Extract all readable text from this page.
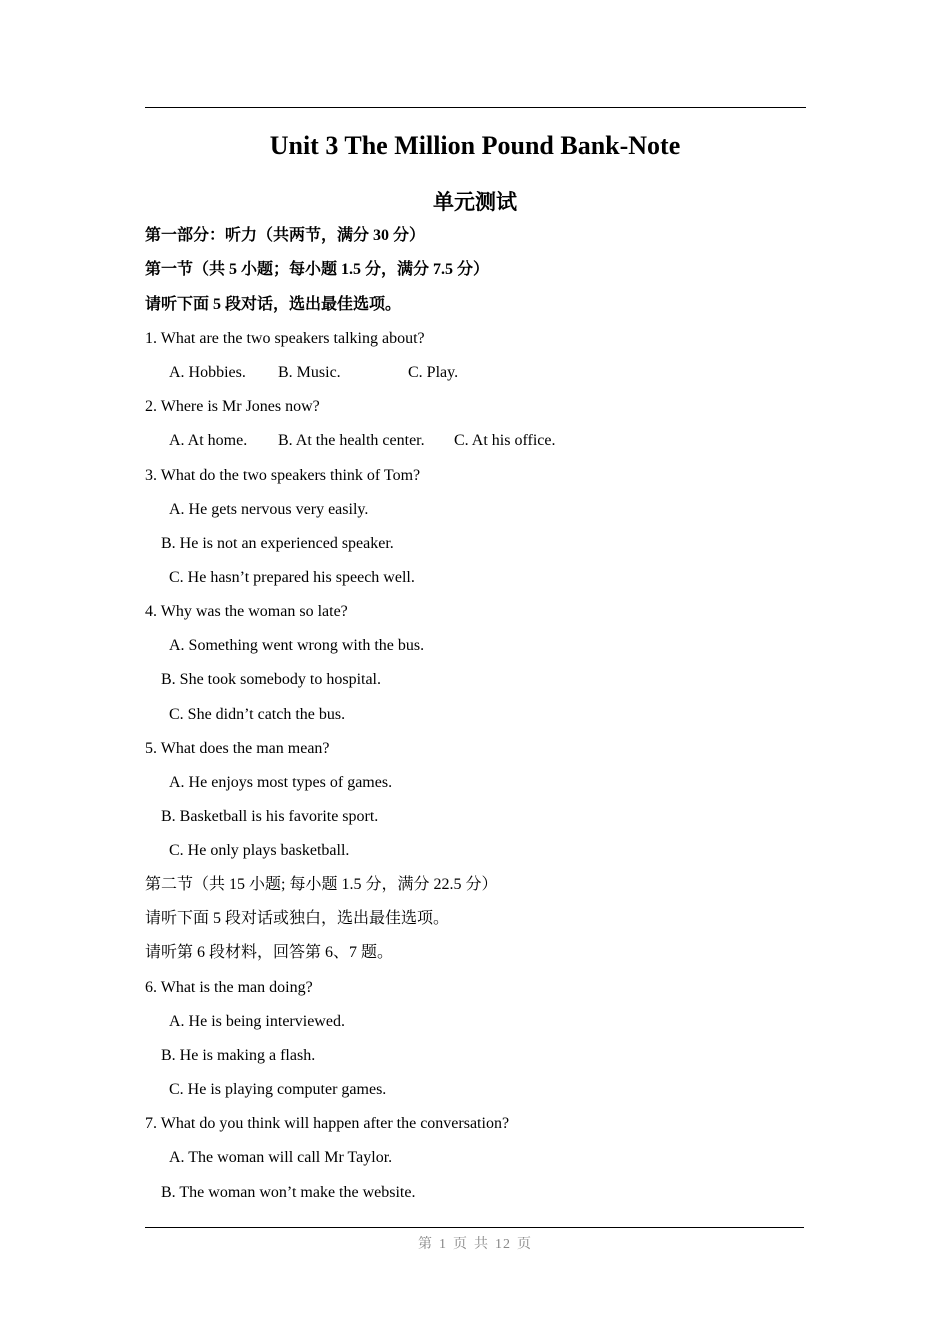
Unit 3 The Million Pound Bank-Note
单元测试
第一部分：听力（共两节，满分 30 分）
第一节（共 5 小题；每小题 1.5 分，满分 7.5 分）
请听下面 5 段对话，选出最佳选项。
1. What are the two speakers talking about?
A. Hobbies. B. Music.	C. Play.
2. Where is Mr Jones now?
A. At home. B. At the health center. C. At his office.
3. What do the two speakers think of Tom?
A. He gets nervous very easily.
B. He is not an experienced speaker.
C. He hasn’t prepared his speech well.
4. Why was the woman so late?
A. Something went wrong with the bus.
B. She took somebody to hospital.
C. She didn’t catch the bus.
5. What does the man mean?
A. He enjoys most types of games.
B. Basketball is his favorite sport.
C. He only plays basketball.
第二节（共 15 小题; 每小题 1.5 分，满分 22.5 分）
请听下面 5 段对话或独白，选出最佳选项。
请听第 6 段材料，回答第 6、7 题。
6. What is the man doing?
A. He is being interviewed.
B. He is making a flash.
C. He is playing computer games.
7. What do you think will happen after the conversation?
A. The woman will call Mr Taylor.
B. The woman won’t make the website.
第 1 页 共 12 页
